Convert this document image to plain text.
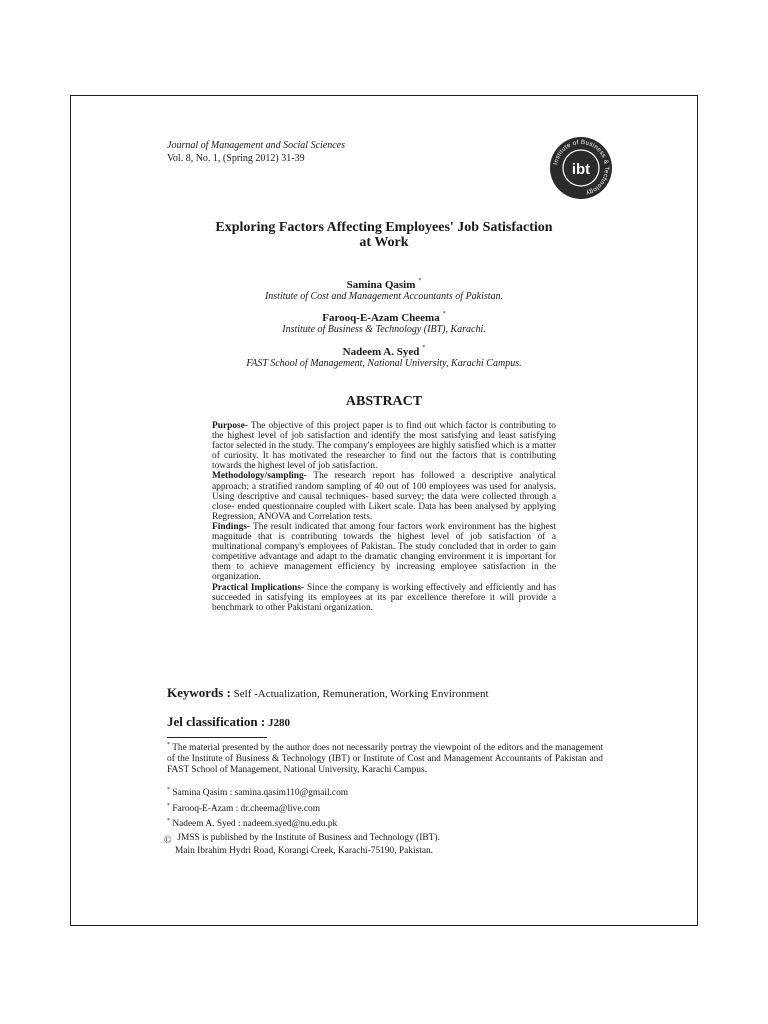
Journal of Management and Social Sciences
Vol. 8, No. 1, (Spring 2012) 31-39	Institute of Business & Technology
ibt
Exploring Factors Affecting Employees' Job Satisfaction
at Work
Samina Qasim *
Institute of Cost and Management Accountants of Pakistan.
Farooq-E-Azam Cheema *
Institute of Business & Technology (IBT), Karachi.
Nadeem A. Syed *
FAST School of Management, National University, Karachi Campus.
ABSTRACT

Purpose- The objective of this project paper is to find out which factor is contributing to the highest level of job satisfaction and identify the most satisfying and least satisfying factor selected in the study. The company's employees are highly satisfied which is a matter of curiosity. It has motivated the researcher to find out the factors that is contributing towards the highest level of job satisfaction.

Methodology/sampling- The research report has followed a descriptive analytical approach; a stratified random sampling of 40 out of 100 employees was used for analysis. Using descriptive and causal techniques- based survey; the data were collected through a close- ended questionnaire coupled with Likert scale. Data has been analysed by applying Regression, ANOVA and Correlation tests.

Findings- The result indicated that among four factors work environment has the highest magnitude that is contributing towards the highest level of job satisfaction of a multinational company's employees of Pakistan. The study concluded that in order to gain competitive advantage and adapt to the dramatic changing environment it is important for them to achieve management efficiency by increasing employee satisfaction in the organization.

Practical Implications- Since the company is working effectively and efficiently and has succeeded in satisfying its employees at its par excellence therefore it will provide a benchmark to other Pakistani organization.

Keywords : Self -Actualization, Remuneration, Working Environment
Jel classification : J280
* The material presented by the author does not necessarily portray the viewpoint of the editors and the management of the Institute of Business & Technology (IBT) or Institute of Cost and Management Accountants of Pakistan and FAST School of Management, National University, Karachi Campus.
* Samina Qasim : samina.qasim110@gmail.com
* Farooq-E-Azam : dr.cheema@live.com
* Nadeem A. Syed : nadeem.syed@nu.edu.pk
© JMSS is published by the Institute of Business and Technology (IBT).
Main Ibrahim Hydri Road, Korangi Creek, Karachi-75190, Pakistan.
